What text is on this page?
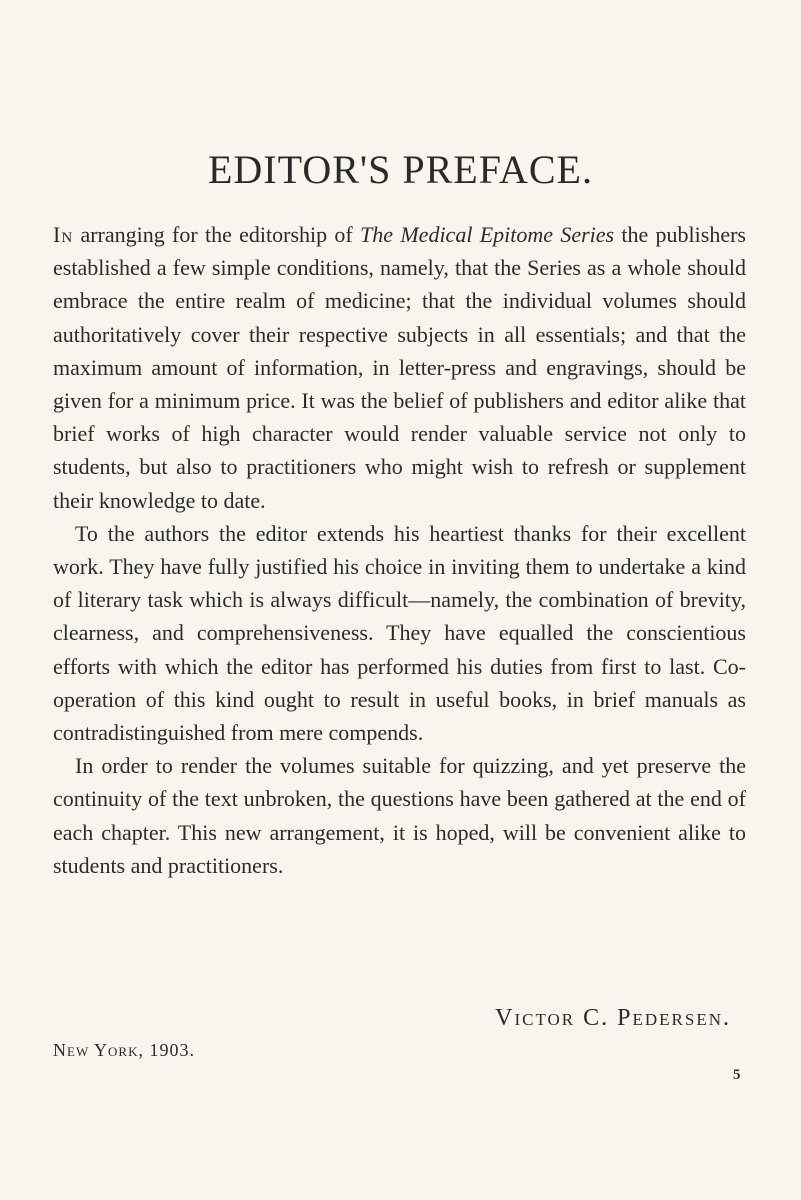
EDITOR'S PREFACE.

In arranging for the editorship of The Medical Epitome Series the publishers established a few simple conditions, namely, that the Series as a whole should embrace the entire realm of medicine; that the individual volumes should authoritatively cover their respective subjects in all essentials; and that the maximum amount of information, in letter-press and engravings, should be given for a minimum price. It was the belief of publishers and editor alike that brief works of high character would render valuable service not only to students, but also to practitioners who might wish to refresh or supplement their knowledge to date.

To the authors the editor extends his heartiest thanks for their excellent work. They have fully justified his choice in inviting them to undertake a kind of literary task which is always difficult—namely, the combination of brevity, clearness, and comprehensiveness. They have equalled the conscientious efforts with which the editor has performed his duties from first to last. Co-operation of this kind ought to result in useful books, in brief manuals as contradistinguished from mere compends.

In order to render the volumes suitable for quizzing, and yet preserve the continuity of the text unbroken, the questions have been gathered at the end of each chapter. This new arrangement, it is hoped, will be convenient alike to students and practitioners.

Victor C. Pedersen.
New York, 1903.
5
